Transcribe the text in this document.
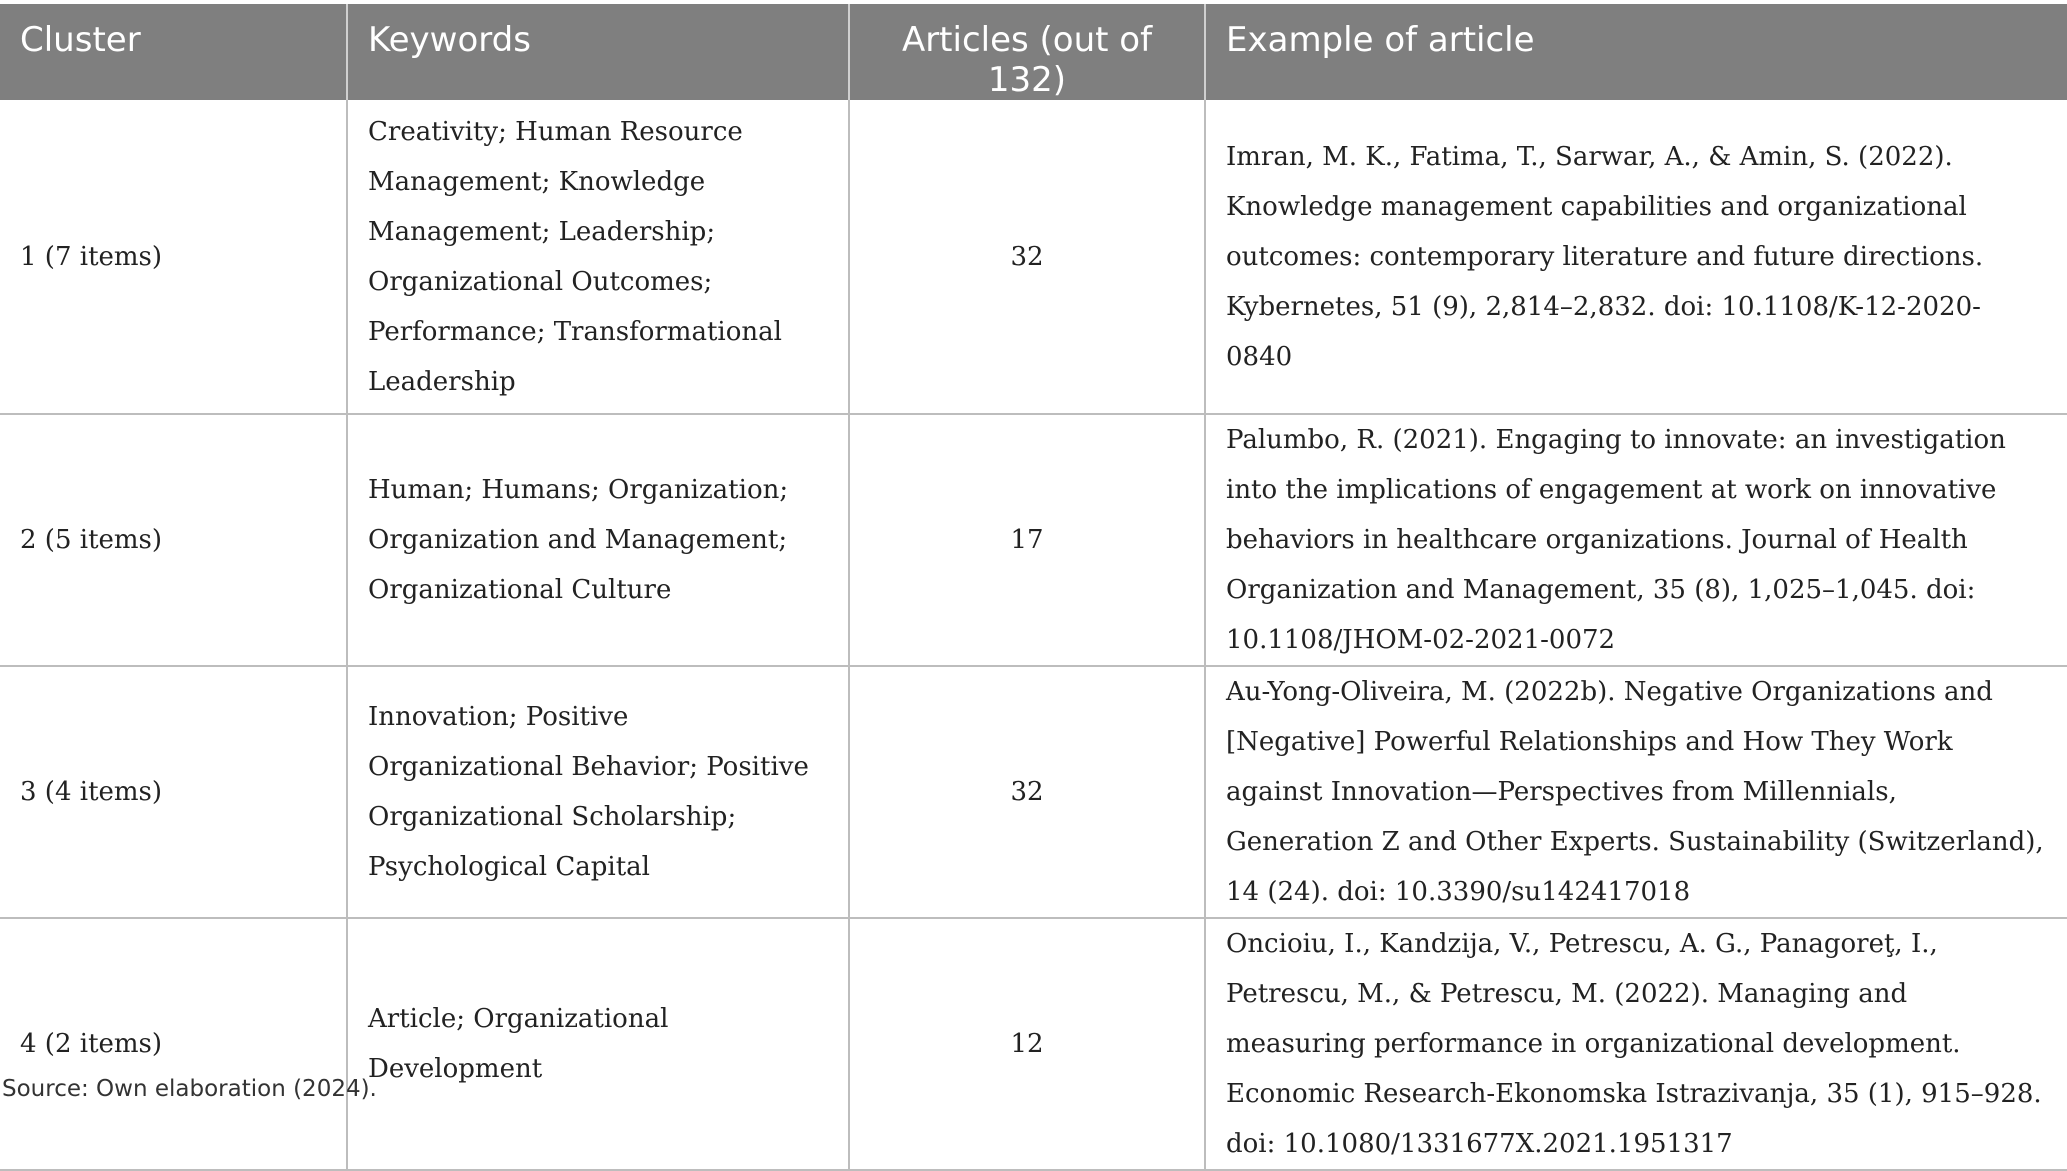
Cluster	Keywords	Articles (out of 132)	Example of article
1 (7 items)	Creativity; Human Resource Management; Knowledge Management; Leadership; Organizational Outcomes; Performance; Transformational Leadership	32	Imran, M. K., Fatima, T., Sarwar, A., & Amin, S. (2022). Knowledge management capabilities and organizational outcomes: contemporary literature and future directions. Kybernetes, 51 (9), 2,814–2,832. doi: 10.1108/K-12-2020-0840
2 (5 items)	Human; Humans; Organization; Organization and Management; Organizational Culture	17	Palumbo, R. (2021). Engaging to innovate: an investigation into the implications of engagement at work on innovative behaviors in healthcare organizations. Journal of Health Organization and Management, 35 (8), 1,025–1,045. doi: 10.1108/JHOM-02-2021-0072
3 (4 items)	Innovation; Positive Organizational Behavior; Positive Organizational Scholarship; Psychological Capital	32	Au-Yong-Oliveira, M. (2022b). Negative Organizations and [Negative] Powerful Relationships and How They Work against Innovation—Perspectives from Millennials, Generation Z and Other Experts. Sustainability (Switzerland), 14 (24). doi: 10.3390/su142417018
4 (2 items)	Article; Organizational Development	12	Oncioiu, I., Kandzija, V., Petrescu, A. G., Panagoreţ, I., Petrescu, M., & Petrescu, M. (2022). Managing and measuring performance in organizational development. Economic Research-Ekonomska Istrazivanja, 35 (1), 915–928. doi: 10.1080/1331677X.2021.1951317

Source: Own elaboration (2024).
